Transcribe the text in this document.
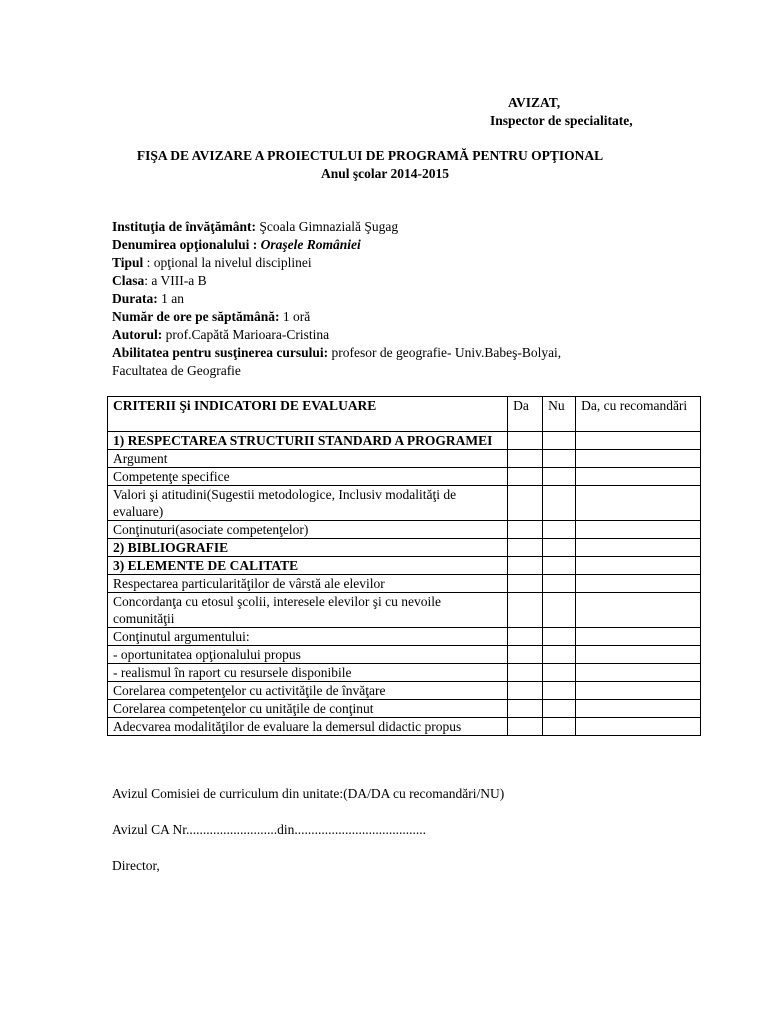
AVIZAT,
Inspector de specialitate,
FIŞA DE AVIZARE A PROIECTULUI DE PROGRAMĂ PENTRU OPŢIONAL
Anul şcolar 2014-2015
Instituţia de învăţământ: Şcoala Gimnazială Şugag
Denumirea opţionalului : Oraşele României
Tipul : opţional la nivelul disciplinei
Clasa: a VIII-a B
Durata: 1 an
Număr de ore pe săptămână: 1 oră
Autorul: prof.Capătă Marioara-Cristina
Abilitatea pentru susţinerea cursului: profesor de geografie- Univ.Babeş-Bolyai,
Facultatea de Geografie
CRITERII Şi INDICATORI DE EVALUARE	Da	Nu	Da, cu recomandări
1) RESPECTAREA STRUCTURII STANDARD A PROGRAMEI			
Argument			
Competenţe specifice			
Valori şi atitudini(Sugestii metodologice, Inclusiv modalităţi de evaluare)			
Conţinuturi(asociate competenţelor)			
2) BIBLIOGRAFIE			
3) ELEMENTE DE CALITATE			
Respectarea particularităţilor de vârstă ale elevilor			
Concordanţa cu etosul şcolii, interesele elevilor şi cu nevoile comunităţii			
Conţinutul argumentului:			
- oportunitatea opţionalului propus			
- realismul în raport cu resursele disponibile			
Corelarea competenţelor cu activităţile de învăţare			
Corelarea competenţelor cu unităţile de conţinut			
Adecvarea modalităţilor de evaluare la demersul didactic propus			
Avizul Comisiei de curriculum din unitate:(DA/DA cu recomandări/NU)
Avizul CA Nr...........................din.......................................
Director,
